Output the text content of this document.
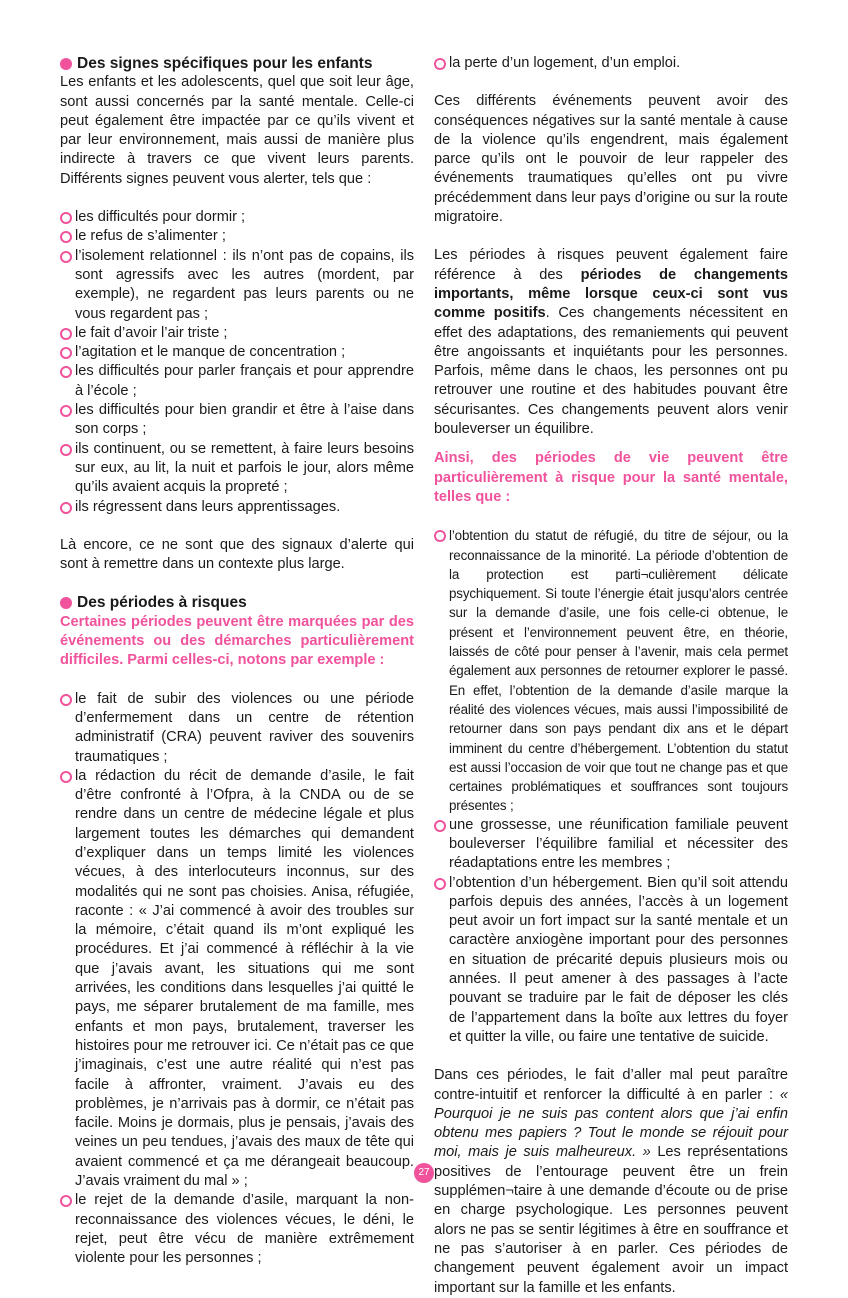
Des signes spécifiques pour les enfants

Les enfants et les adolescents, quel que soit leur âge, sont aussi concernés par la santé mentale. Celle-ci peut également être impactée par ce qu’ils vivent et par leur environnement, mais aussi de manière plus indirecte à travers ce que vivent leurs parents. Différents signes peuvent vous alerter, tels que :

les difficultés pour dormir ;
le refus de s’alimenter ;
l’isolement relationnel : ils n’ont pas de copains, ils sont agressifs avec les autres (mordent, par exemple), ne regardent pas leurs parents ou ne vous regardent pas ;
le fait d’avoir l’air triste ;
l’agitation et le manque de concentration ;
les difficultés pour parler français et pour apprendre à l’école ;
les difficultés pour bien grandir et être à l’aise dans son corps ;
ils continuent, ou se remettent, à faire leurs besoins sur eux, au lit, la nuit et parfois le jour, alors même qu’ils avaient acquis la propreté ;
ils régressent dans leurs apprentissages.

Là encore, ce ne sont que des signaux d’alerte qui sont à remettre dans un contexte plus large.

Des périodes à risques

Certaines périodes peuvent être marquées par des événements ou des démarches particulièrement difficiles. Parmi celles-ci, notons par exemple :

le fait de subir des violences ou une période d’enfermement dans un centre de rétention administratif (CRA) peuvent raviver des souvenirs traumatiques ;
la rédaction du récit de demande d’asile, le fait d’être confronté à l’Ofpra, à la CNDA ou de se rendre dans un centre de médecine légale et plus largement toutes les démarches qui demandent d’expliquer dans un temps limité les violences vécues, à des interlocuteurs inconnus, sur des modalités qui ne sont pas choisies. Anisa, réfugiée, raconte : « J’ai commencé à avoir des troubles sur la mémoire, c’était quand ils m’ont expliqué les procédures. Et j’ai commencé à réfléchir à la vie que j’avais avant, les situations qui me sont arrivées, les conditions dans lesquelles j’ai quitté le pays, me séparer brutalement de ma famille, mes enfants et mon pays, brutalement, traverser les histoires pour me retrouver ici. Ce n’était pas ce que j’imaginais, c’est une autre réalité qui n’est pas facile à affronter, vraiment. J’avais eu des problèmes, je n’arrivais pas à dormir, ce n’était pas facile. Moins je dormais, plus je pensais, j’avais des veines un peu tendues, j’avais des maux de tête qui avaient commencé et ça me dérangeait beaucoup. J’avais vraiment du mal » ;
le rejet de la demande d’asile, marquant la non-reconnaissance des violences vécues, le déni, le rejet, peut être vécu de manière extrêmement violente pour les personnes ;
la perte d’un logement, d’un emploi.

Ces différents événements peuvent avoir des conséquences négatives sur la santé mentale à cause de la violence qu’ils engendrent, mais également parce qu’ils ont le pouvoir de leur rappeler des événements traumatiques qu’elles ont pu vivre précédemment dans leur pays d’origine ou sur la route migratoire.

Les périodes à risques peuvent également faire référence à des périodes de changements importants, même lorsque ceux-ci sont vus comme positifs. Ces changements nécessitent en effet des adaptations, des remaniements qui peuvent être angoissants et inquiétants pour les personnes. Parfois, même dans le chaos, les personnes ont pu retrouver une routine et des habitudes pouvant être sécurisantes. Ces changements peuvent alors venir bouleverser un équilibre.

Ainsi, des périodes de vie peuvent être particulièrement à risque pour la santé mentale, telles que :

l’obtention du statut de réfugié, du titre de séjour, ou la reconnaissance de la minorité. La période d’obtention de la protection est parti¬culièrement délicate psychiquement. Si toute l’énergie était jusqu’alors centrée sur la demande d’asile, une fois celle-ci obtenue, le présent et l’environnement peuvent être, en théorie, laissés de côté pour penser à l’avenir, mais cela permet également aux personnes de retourner explorer le passé. En effet, l’obtention de la demande d’asile marque la réalité des violences vécues, mais aussi l’impossibilité de retourner dans son pays pendant dix ans et le départ imminent du centre d’hébergement. L’obtention du statut est aussi l’occasion de voir que tout ne change pas et que certaines problématiques et souffrances sont toujours présentes ;
une grossesse, une réunification familiale peuvent bouleverser l’équilibre familial et nécessiter des réadaptations entre les membres ;
l’obtention d’un hébergement. Bien qu’il soit attendu parfois depuis des années, l’accès à un logement peut avoir un fort impact sur la santé mentale et un caractère anxiogène important pour des personnes en situation de précarité depuis plusieurs mois ou années. Il peut amener à des passages à l’acte pouvant se traduire par le fait de déposer les clés de l’appartement dans la boîte aux lettres du foyer et quitter la ville, ou faire une tentative de suicide.

Dans ces périodes, le fait d’aller mal peut paraître contre-intuitif et renforcer la difficulté à en parler : « Pourquoi je ne suis pas content alors que j’ai enfin obtenu mes papiers ? Tout le monde se réjouit pour moi, mais je suis malheureux. » Les représentations positives de l’entourage peuvent être un frein supplémen¬taire à une demande d’écoute ou de prise en charge psychologique. Les personnes peuvent alors ne pas se sentir légitimes à être en souffrance et ne pas s’autoriser à en parler. Ces périodes de changement peuvent également avoir un impact important sur la famille et les enfants.

27
